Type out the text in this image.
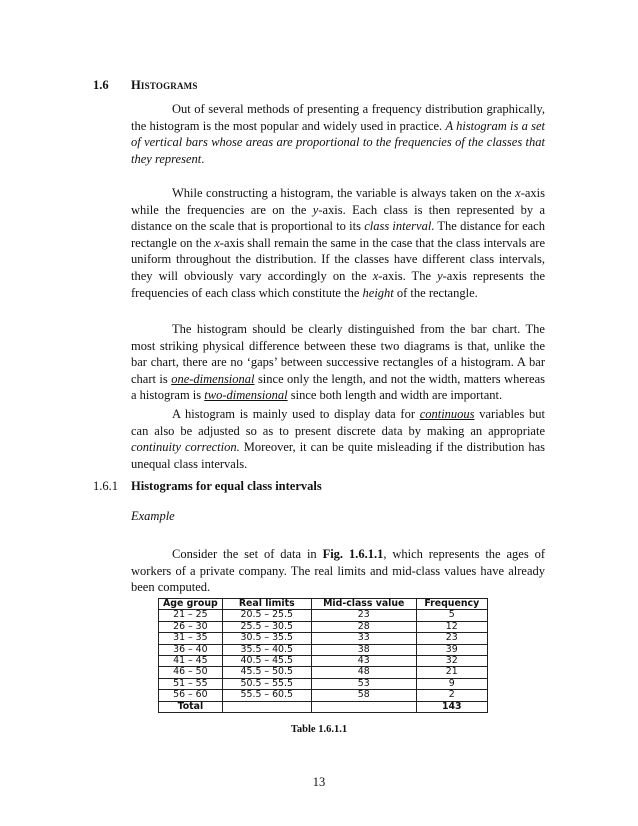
1.6 Histograms

Out of several methods of presenting a frequency distribution graphically, the histogram is the most popular and widely used in practice. A histogram is a set of vertical bars whose areas are proportional to the frequencies of the classes that they represent.

While constructing a histogram, the variable is always taken on the x-axis while the frequencies are on the y-axis. Each class is then represented by a distance on the scale that is proportional to its class interval. The distance for each rectangle on the x-axis shall remain the same in the case that the class intervals are uniform throughout the distribution. If the classes have different class intervals, they will obviously vary accordingly on the x-axis. The y-axis represents the frequencies of each class which constitute the height of the rectangle.

The histogram should be clearly distinguished from the bar chart. The most striking physical difference between these two diagrams is that, unlike the bar chart, there are no ‘gaps’ between successive rectangles of a histogram. A bar chart is one-dimensional since only the length, and not the width, matters whereas a histogram is two-dimensional since both length and width are important.

A histogram is mainly used to display data for continuous variables but can also be adjusted so as to present discrete data by making an appropriate continuity correction. Moreover, it can be quite misleading if the distribution has unequal class intervals.

1.6.1 Histograms for equal class intervals
Example

Consider the set of data in Fig. 1.6.1.1, which represents the ages of workers of a private company. The real limits and mid-class values have already been computed.

Age group	Real limits	Mid-class value	Frequency
21 – 25	20.5 – 25.5	23	5
26 – 30	25.5 – 30.5	28	12
31 – 35	30.5 – 35.5	33	23
36 – 40	35.5 – 40.5	38	39
41 – 45	40.5 – 45.5	43	32
46 – 50	45.5 – 50.5	48	21
51 – 55	50.5 – 55.5	53	9
56 – 60	55.5 – 60.5	58	2
Total			143
Table 1.6.1.1
13
